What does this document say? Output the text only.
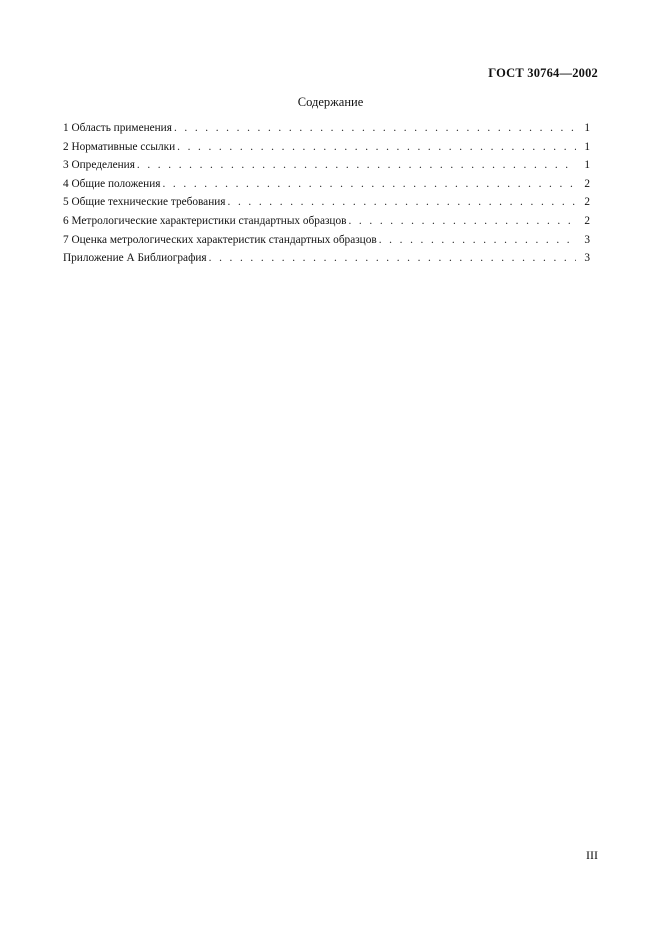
ГОСТ 30764—2002
Содержание
1 Область применения . . .	1
2 Нормативные ссылки . . .	1
3 Определения . . .	1
4 Общие положения . . .	2
5 Общие технические требования . . .	2
6 Метрологические характеристики стандартных образцов . . .	2
7 Оценка метрологических характеристик стандартных образцов . . .	3
Приложение А Библиография . . .	3
III
